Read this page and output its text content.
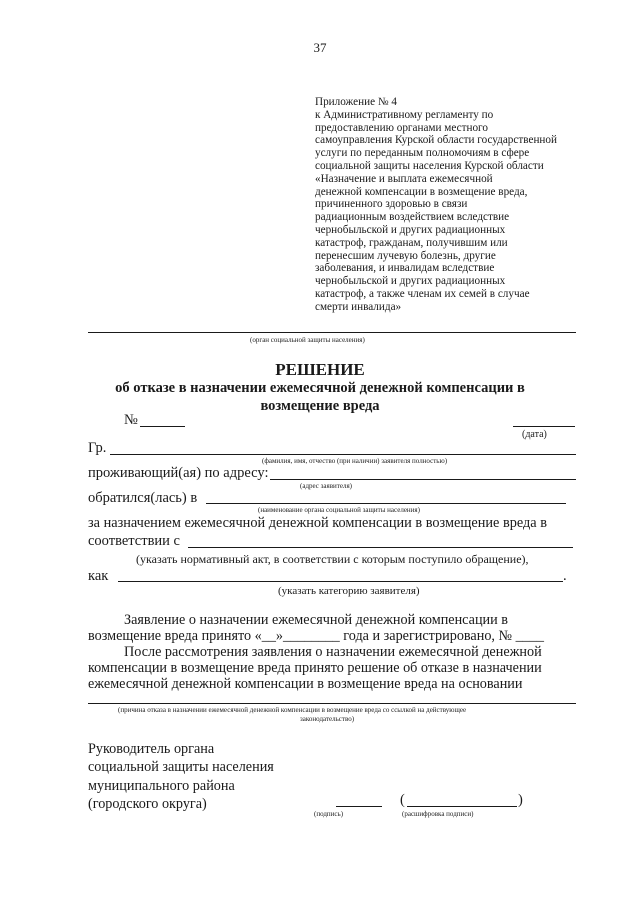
37
Приложение № 4
к Административному регламенту по
предоставлению органами местного
самоуправления Курской области государственной
услуги по переданным полномочиям в сфере
социальной защиты населения Курской области
«Назначение и выплата ежемесячной
денежной компенсации в возмещение вреда,
причиненного здоровью в связи
радиационным воздействием вследствие
чернобыльской и других радиационных
катастроф, гражданам, получившим или
перенесшим лучевую болезнь, другие
заболевания, и инвалидам вследствие
чернобыльской и других радиационных
катастроф, а также членам их семей в случае
смерти инвалида»
(орган социальной защиты населения)
РЕШЕНИЕ
об отказе в назначении ежемесячной денежной компенсации в
возмещение вреда
№
(дата)
Гр.
(фамилия, имя, отчество (при наличии) заявителя полностью)
проживающий(ая) по адресу:
(адрес заявителя)
обратился(лась) в
(наименование органа социальной защиты населения)
за назначением ежемесячной денежной компенсации в возмещение вреда в
соответствии с
(указать нормативный акт, в соответствии с которым поступило обращение),
как	.
(указать категорию заявителя)
Заявление о назначении ежемесячной денежной компенсации в
возмещение вреда принято «__»________ года и зарегистрировано, № ____
После рассмотрения заявления о назначении ежемесячной денежной
компенсации в возмещение вреда принято решение об отказе в назначении
ежемесячной денежной компенсации в возмещение вреда на основании
(причина отказа в назначении ежемесячной денежной компенсации в возмещение вреда со ссылкой на действующее
законодательство)
Руководитель органа
социальной защиты населения
муниципального района
(городского округа)
(подпись)
(	)
(расшифровка подписи)
